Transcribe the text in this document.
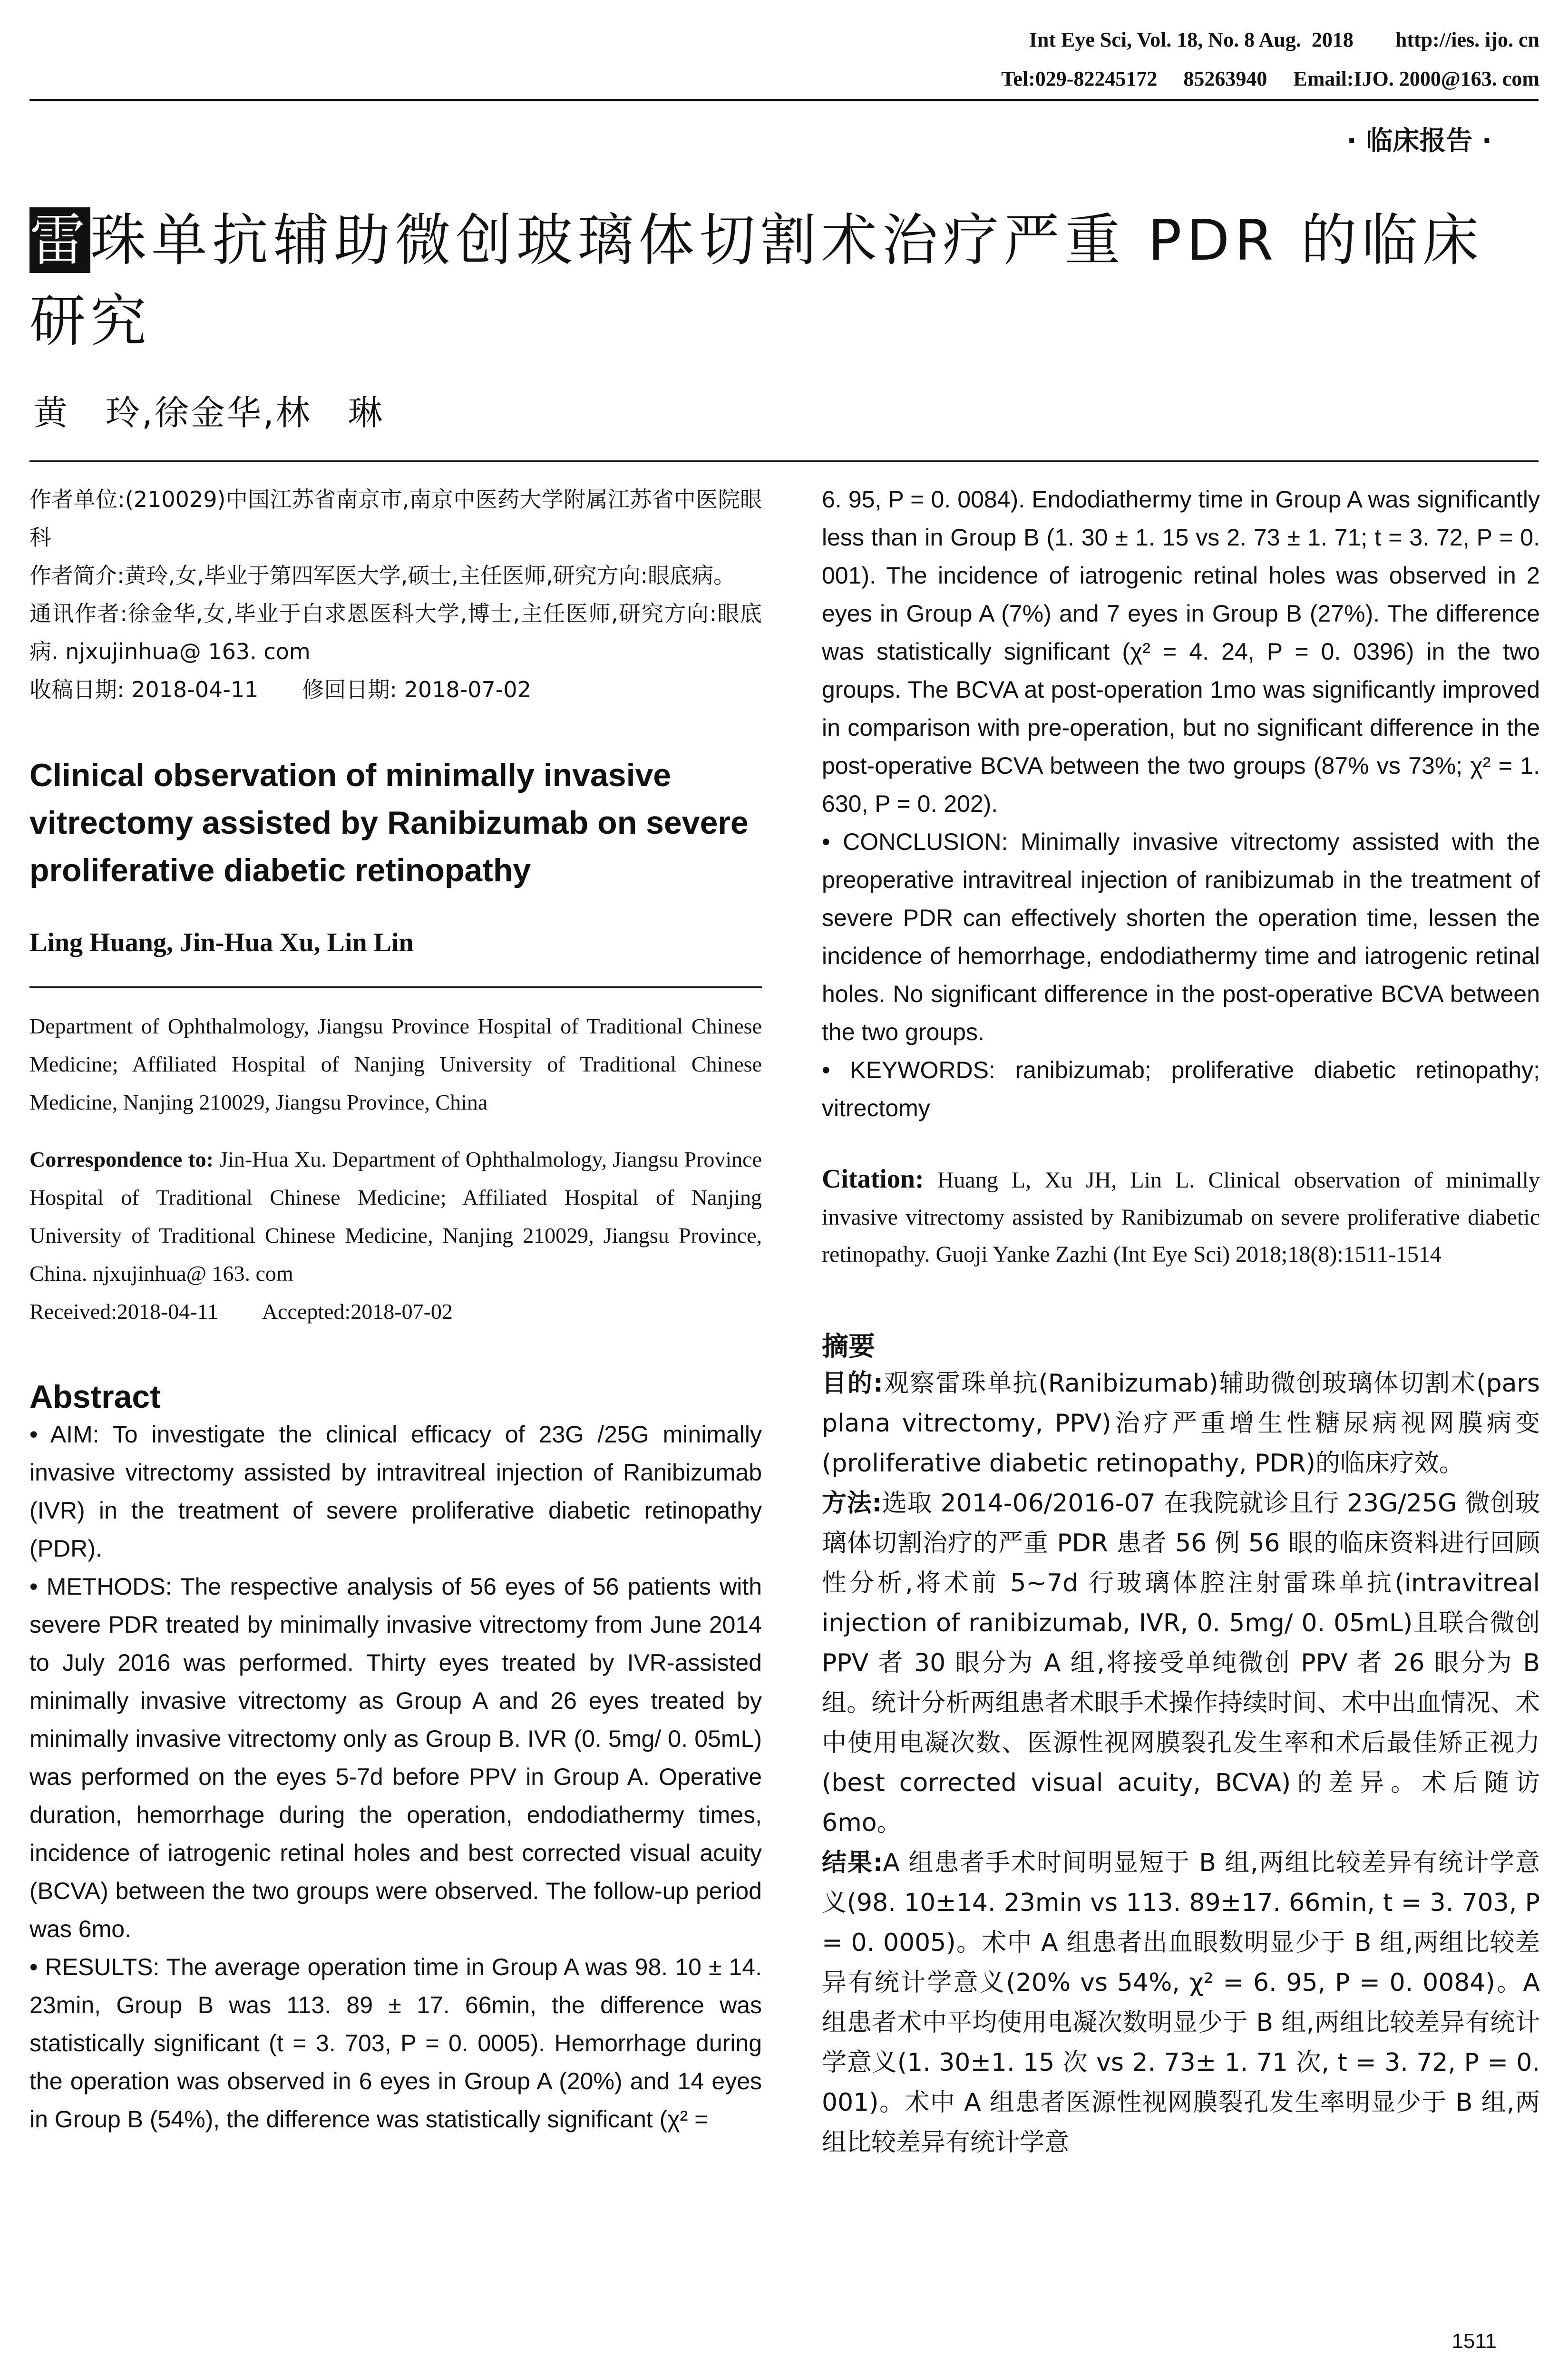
Int Eye Sci, Vol. 18, No. 8 Aug.  2018        http://ies. ijo. cn
Tel:029-82245172     85263940     Email:IJO. 2000@163. com
· 临床报告 ·
雷珠单抗辅助微创玻璃体切割术治疗严重 PDR 的临床研究
黄　玲,徐金华,林　琳

作者单位:(210029)中国江苏省南京市,南京中医药大学附属江苏省中医院眼科

作者简介:黄玲,女,毕业于第四军医大学,硕士,主任医师,研究方向:眼底病。

通讯作者:徐金华,女,毕业于白求恩医科大学,博士,主任医师,研究方向:眼底病. njxujinhua@ 163. com

收稿日期: 2018-04-11　　修回日期: 2018-07-02

Clinical observation of minimally invasive vitrectomy assisted by Ranibizumab on severe proliferative diabetic retinopathy
Ling Huang, Jin-Hua Xu, Lin Lin
Department of Ophthalmology, Jiangsu Province Hospital of Traditional Chinese Medicine; Affiliated Hospital of Nanjing University of Traditional Chinese Medicine, Nanjing 210029, Jiangsu Province, China
Correspondence to: Jin-Hua Xu. Department of Ophthalmology, Jiangsu Province Hospital of Traditional Chinese Medicine; Affiliated Hospital of Nanjing University of Traditional Chinese Medicine, Nanjing 210029, Jiangsu Province, China. njxujinhua@ 163. com
Received:2018-04-11　　Accepted:2018-07-02
Abstract

• AIM: To investigate the clinical efficacy of 23G /25G minimally invasive vitrectomy assisted by intravitreal injection of Ranibizumab (IVR) in the treatment of severe proliferative diabetic retinopathy (PDR).

• METHODS: The respective analysis of 56 eyes of 56 patients with severe PDR treated by minimally invasive vitrectomy from June 2014 to July 2016 was performed. Thirty eyes treated by IVR-assisted minimally invasive vitrectomy as Group A and 26 eyes treated by minimally invasive vitrectomy only as Group B. IVR (0. 5mg/ 0. 05mL) was performed on the eyes 5-7d before PPV in Group A. Operative duration, hemorrhage during the operation, endodiathermy times, incidence of iatrogenic retinal holes and best corrected visual acuity (BCVA) between the two groups were observed. The follow-up period was 6mo.

• RESULTS: The average operation time in Group A was 98. 10 ± 14. 23min, Group B was 113. 89 ± 17. 66min, the difference was statistically significant (t = 3. 703, P = 0. 0005). Hemorrhage during the operation was observed in 6 eyes in Group A (20%) and 14 eyes in Group B (54%), the difference was statistically significant (χ² =

6. 95, P = 0. 0084). Endodiathermy time in Group A was significantly less than in Group B (1. 30 ± 1. 15 vs 2. 73 ± 1. 71; t = 3. 72, P = 0. 001). The incidence of iatrogenic retinal holes was observed in 2 eyes in Group A (7%) and 7 eyes in Group B (27%). The difference was statistically significant (χ² = 4. 24, P = 0. 0396) in the two groups. The BCVA at post-operation 1mo was significantly improved in comparison with pre-operation, but no significant difference in the post-operative BCVA between the two groups (87% vs 73%; χ² = 1. 630, P = 0. 202).

• CONCLUSION: Minimally invasive vitrectomy assisted with the preoperative intravitreal injection of ranibizumab in the treatment of severe PDR can effectively shorten the operation time, lessen the incidence of hemorrhage, endodiathermy time and iatrogenic retinal holes. No significant difference in the post-operative BCVA between the two groups.

• KEYWORDS: ranibizumab; proliferative diabetic retinopathy; vitrectomy

Citation: Huang L, Xu JH, Lin L. Clinical observation of minimally invasive vitrectomy assisted by Ranibizumab on severe proliferative diabetic retinopathy. Guoji Yanke Zazhi (Int Eye Sci) 2018;18(8):1511-1514
摘要

目的:观察雷珠单抗(Ranibizumab)辅助微创玻璃体切割术(pars plana vitrectomy, PPV)治疗严重增生性糖尿病视网膜病变(proliferative diabetic retinopathy, PDR)的临床疗效。

方法:选取 2014-06/2016-07 在我院就诊且行 23G/25G 微创玻璃体切割治疗的严重 PDR 患者 56 例 56 眼的临床资料进行回顾性分析,将术前 5~7d 行玻璃体腔注射雷珠单抗(intravitreal injection of ranibizumab, IVR, 0. 5mg/ 0. 05mL)且联合微创 PPV 者 30 眼分为 A 组,将接受单纯微创 PPV 者 26 眼分为 B 组。统计分析两组患者术眼手术操作持续时间、术中出血情况、术中使用电凝次数、医源性视网膜裂孔发生率和术后最佳矫正视力(best corrected visual acuity, BCVA)的差异。术后随访 6mo。

结果:A 组患者手术时间明显短于 B 组,两组比较差异有统计学意义(98. 10±14. 23min vs 113. 89±17. 66min, t = 3. 703, P = 0. 0005)。术中 A 组患者出血眼数明显少于 B 组,两组比较差异有统计学意义(20% vs 54%, χ² = 6. 95, P = 0. 0084)。A 组患者术中平均使用电凝次数明显少于 B 组,两组比较差异有统计学意义(1. 30±1. 15 次 vs 2. 73± 1. 71 次, t = 3. 72, P = 0. 001)。术中 A 组患者医源性视网膜裂孔发生率明显少于 B 组,两组比较差异有统计学意

1511
